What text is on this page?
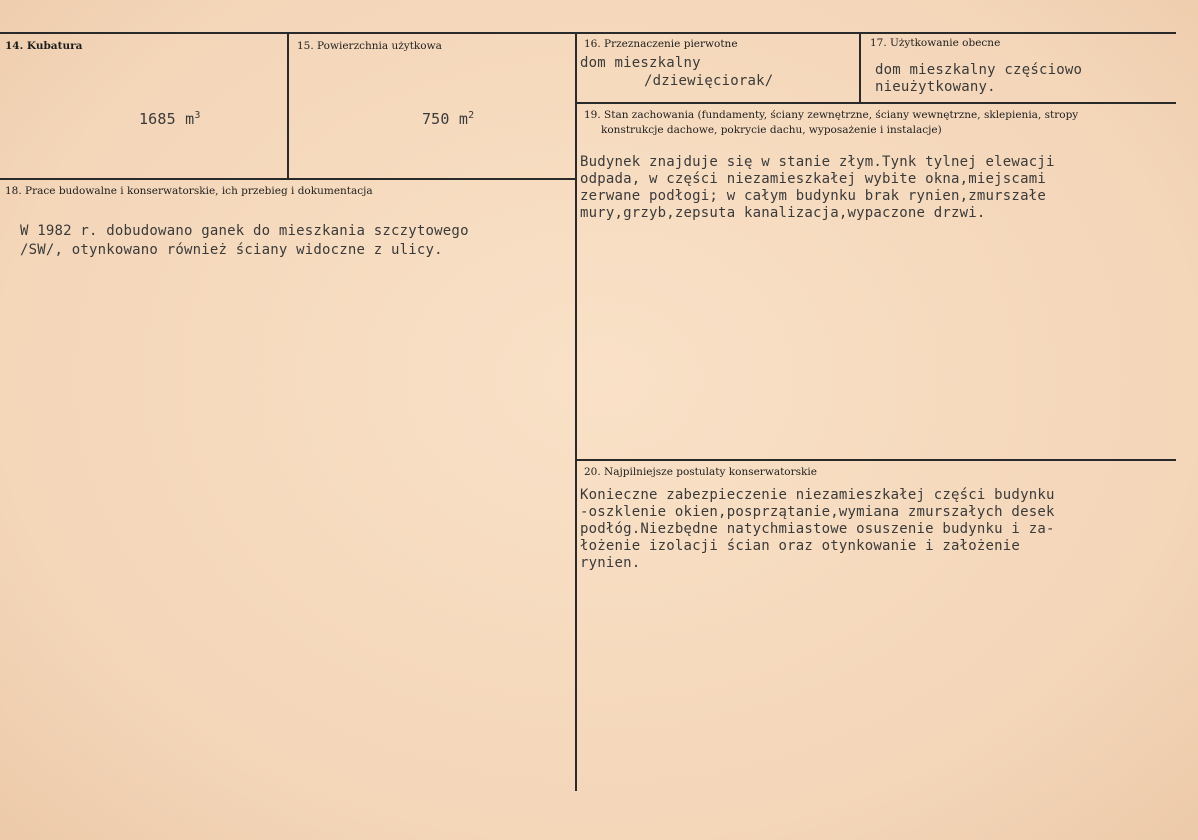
14. Kubatura

1685 $m^3$

15. Powierzchnia użytkowa

750 $m^2$

16. Przeznaczenie pierwotne
dom mieszkalny
/dziewięciorak/
17. Użytkowanie obecne
dom mieszkalny częściowo
nieużytkowany.
18. Prace budowalne i konserwatorskie, ich przebieg i dokumentacja
W 1982 r. dobudowano ganek do mieszkania szczytowego
/SW/, otynkowano również ściany widoczne z ulicy.
19. Stan zachowania (fundamenty, ściany zewnętrzne, ściany wewnętrzne, sklepienia, stropy
konstrukcje dachowe, pokrycie dachu, wyposażenie i instalacje)
Budynek znajduje się w stanie złym.Tynk tylnej elewacji
odpada, w części niezamieszkałej wybite okna,miejscami
zerwane podłogi; w całym budynku brak rynien,zmurszałe
mury,grzyb,zepsuta kanalizacja,wypaczone drzwi.
20. Najpilniejsze postulaty konserwatorskie
Konieczne zabezpieczenie niezamieszkałej części budynku
-oszklenie okien,posprzątanie,wymiana zmurszałych desek
podłóg.Niezbędne natychmiastowe osuszenie budynku i za-
łożenie izolacji ścian oraz otynkowanie i założenie
rynien.
